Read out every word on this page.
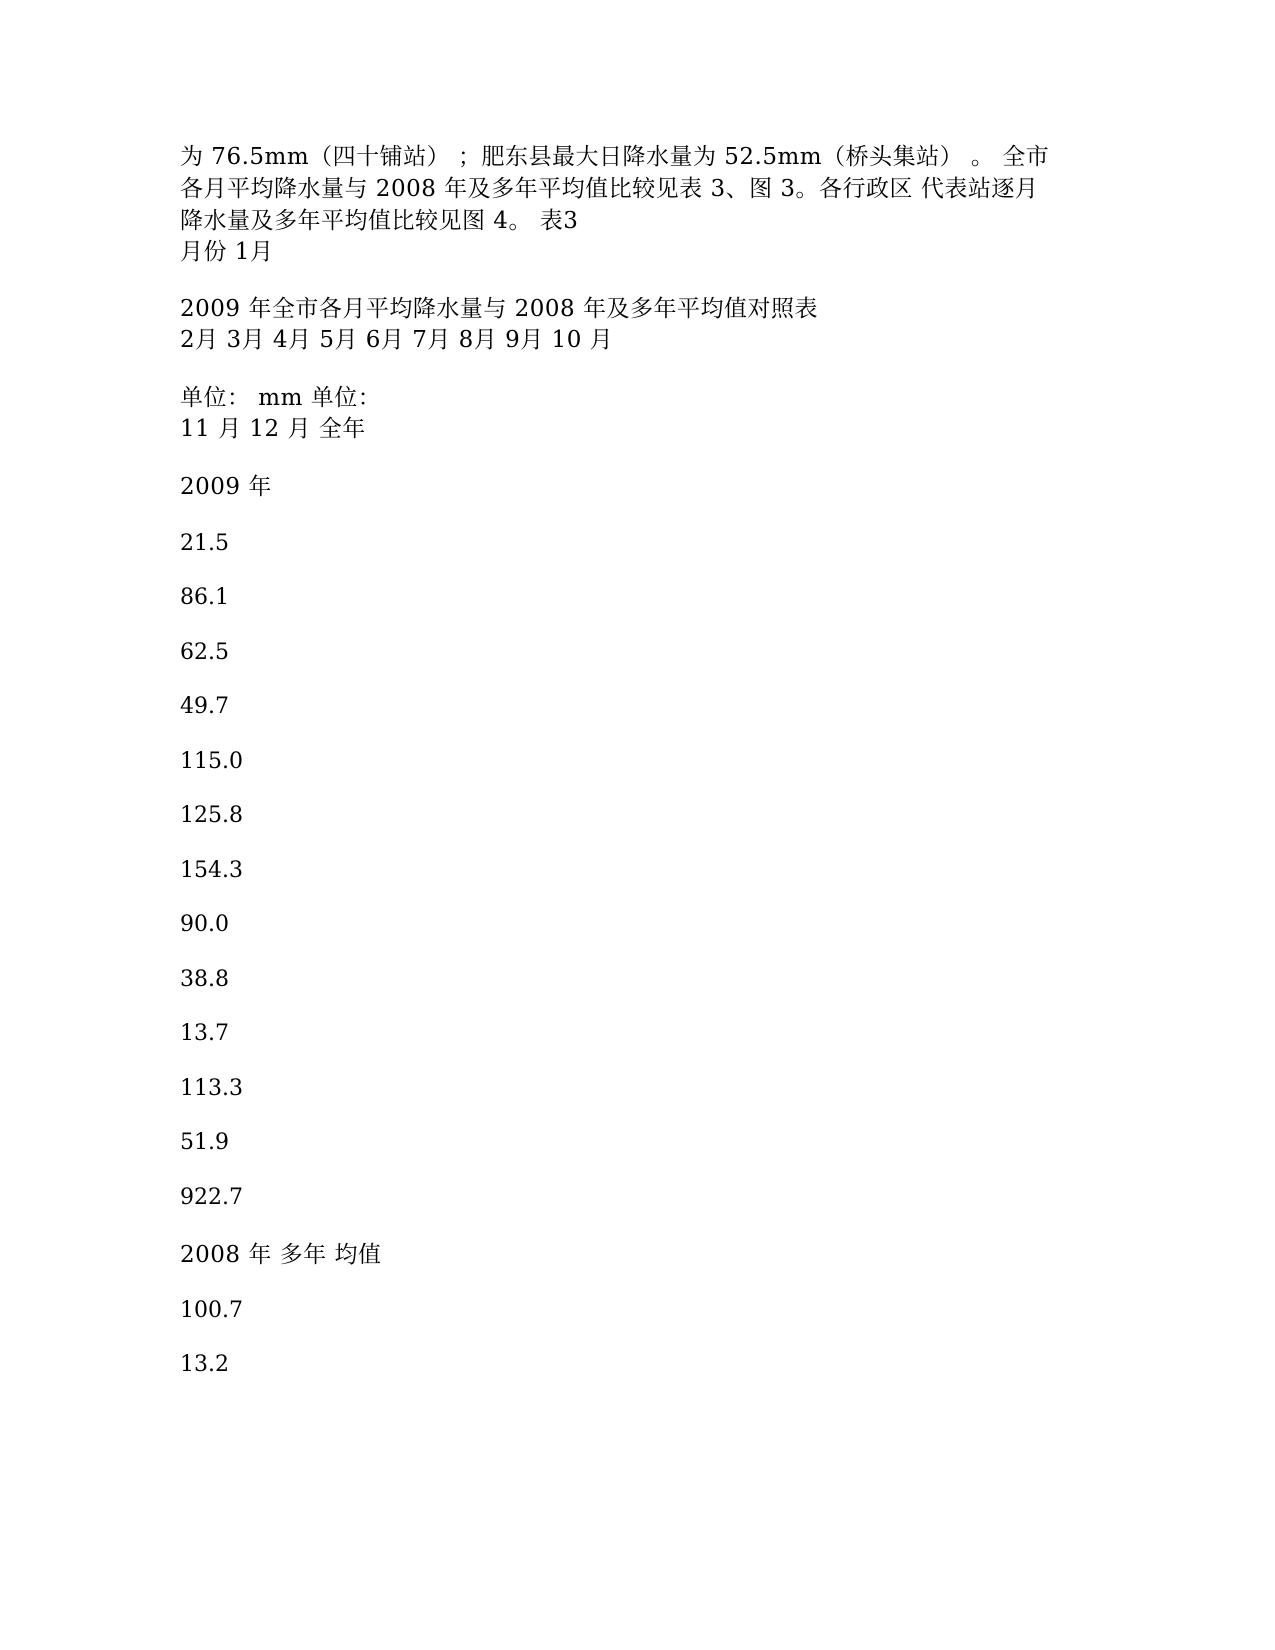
为 76.5mm（四十铺站） ；肥东县最大日降水量为 52.5mm（桥头集站） 。 全市
各月平均降水量与 2008 年及多年平均值比较见表 3、图 3。各行政区 代表站逐月
降水量及多年平均值比较见图 4。 表3
月份 1月
2009 年全市各月平均降水量与 2008 年及多年平均值对照表
2月 3月 4月 5月 6月 7月 8月 9月 10 月
单位： mm 单位：
11 月 12 月 全年
2009 年
21.5
86.1
62.5
49.7
115.0
125.8
154.3
90.0
38.8
13.7
113.3
51.9
922.7
2008 年 多年 均值
100.7
13.2
